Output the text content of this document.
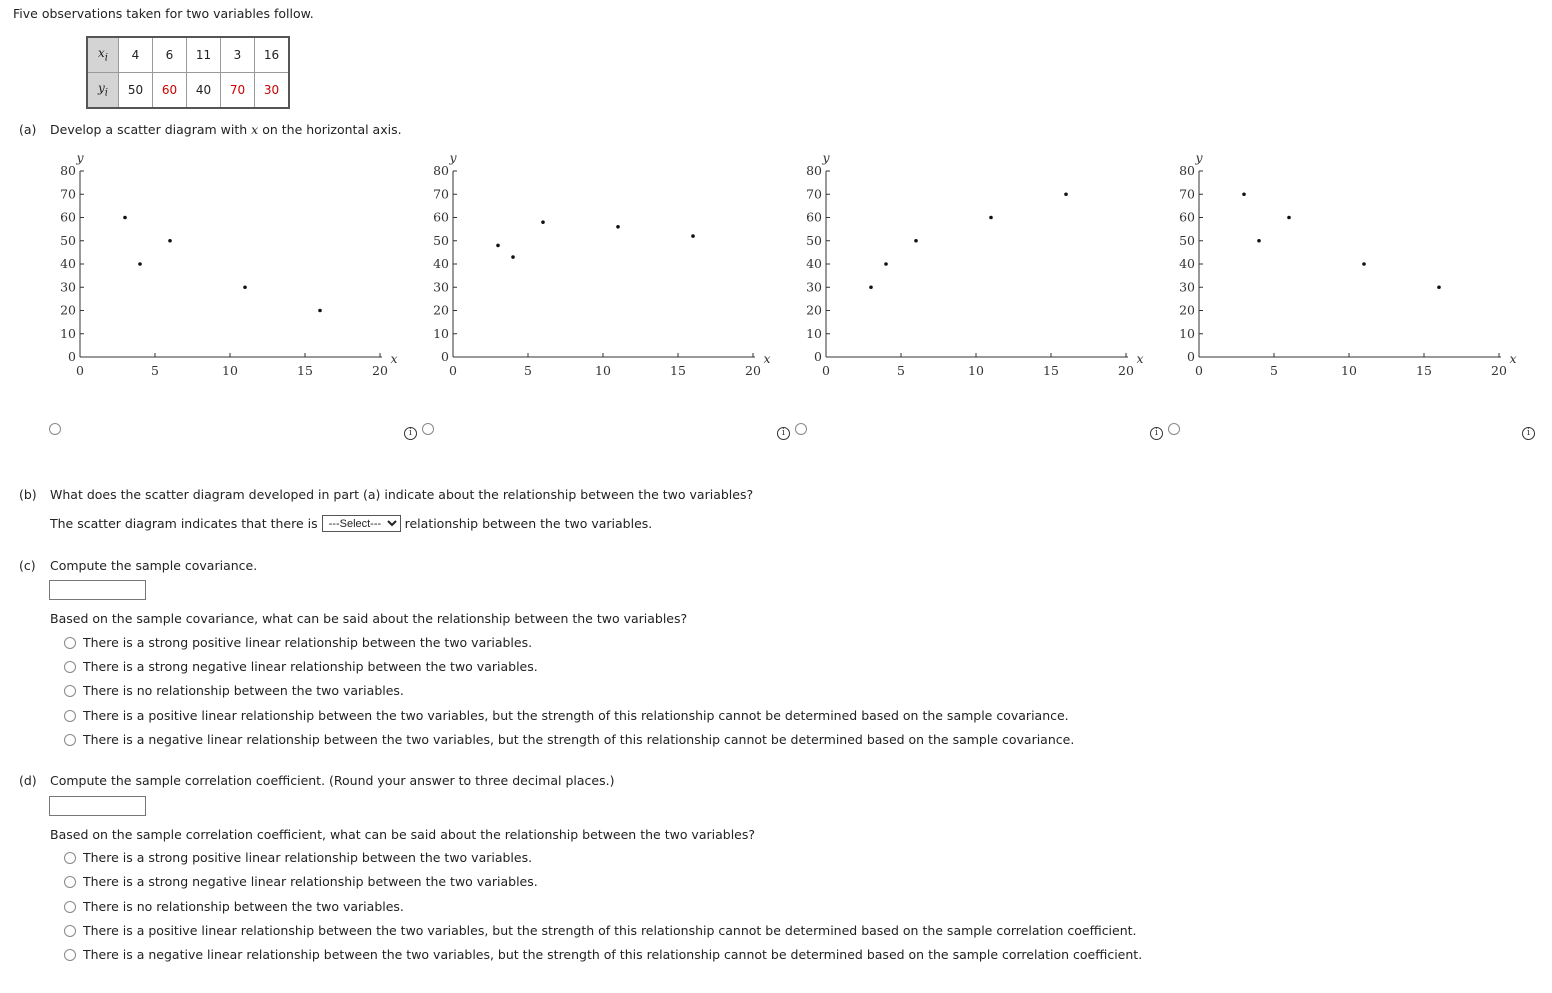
Five observations taken for two variables follow.
$x_i$	4	6	11	3	16
$y_i$	50	60	40	70	30
(a) Develop a scatter diagram with x on the horizontal axis.
0
10
20
30
40
50
60
70
80
0	5	10	15	20
y
x	0
10
20
30
40
50
60
70
80
0	5	10	15	20
y
x	0
10
20
30
40
50
60
70
80
0	5	10	15	20
y
x	0
10
20
30
40
50
60
70
80
0	5	10	15	20
y
x
i	i	i	i
(b) What does the scatter diagram developed in part (a) indicate about the relationship between the two variables?
The scatter diagram indicates that there is
---Select---	relationship between the two variables.
(c) Compute the sample covariance.
Based on the sample covariance, what can be said about the relationship between the two variables?
There is a strong positive linear relationship between the two variables.
There is a strong negative linear relationship between the two variables.
There is no relationship between the two variables.
There is a positive linear relationship between the two variables, but the strength of this relationship cannot be determined based on the sample covariance.
There is a negative linear relationship between the two variables, but the strength of this relationship cannot be determined based on the sample covariance.
(d) Compute the sample correlation coefficient. (Round your answer to three decimal places.)
Based on the sample correlation coefficient, what can be said about the relationship between the two variables?
There is a strong positive linear relationship between the two variables.
There is a strong negative linear relationship between the two variables.
There is no relationship between the two variables.
There is a positive linear relationship between the two variables, but the strength of this relationship cannot be determined based on the sample correlation coefficient.
There is a negative linear relationship between the two variables, but the strength of this relationship cannot be determined based on the sample correlation coefficient.
